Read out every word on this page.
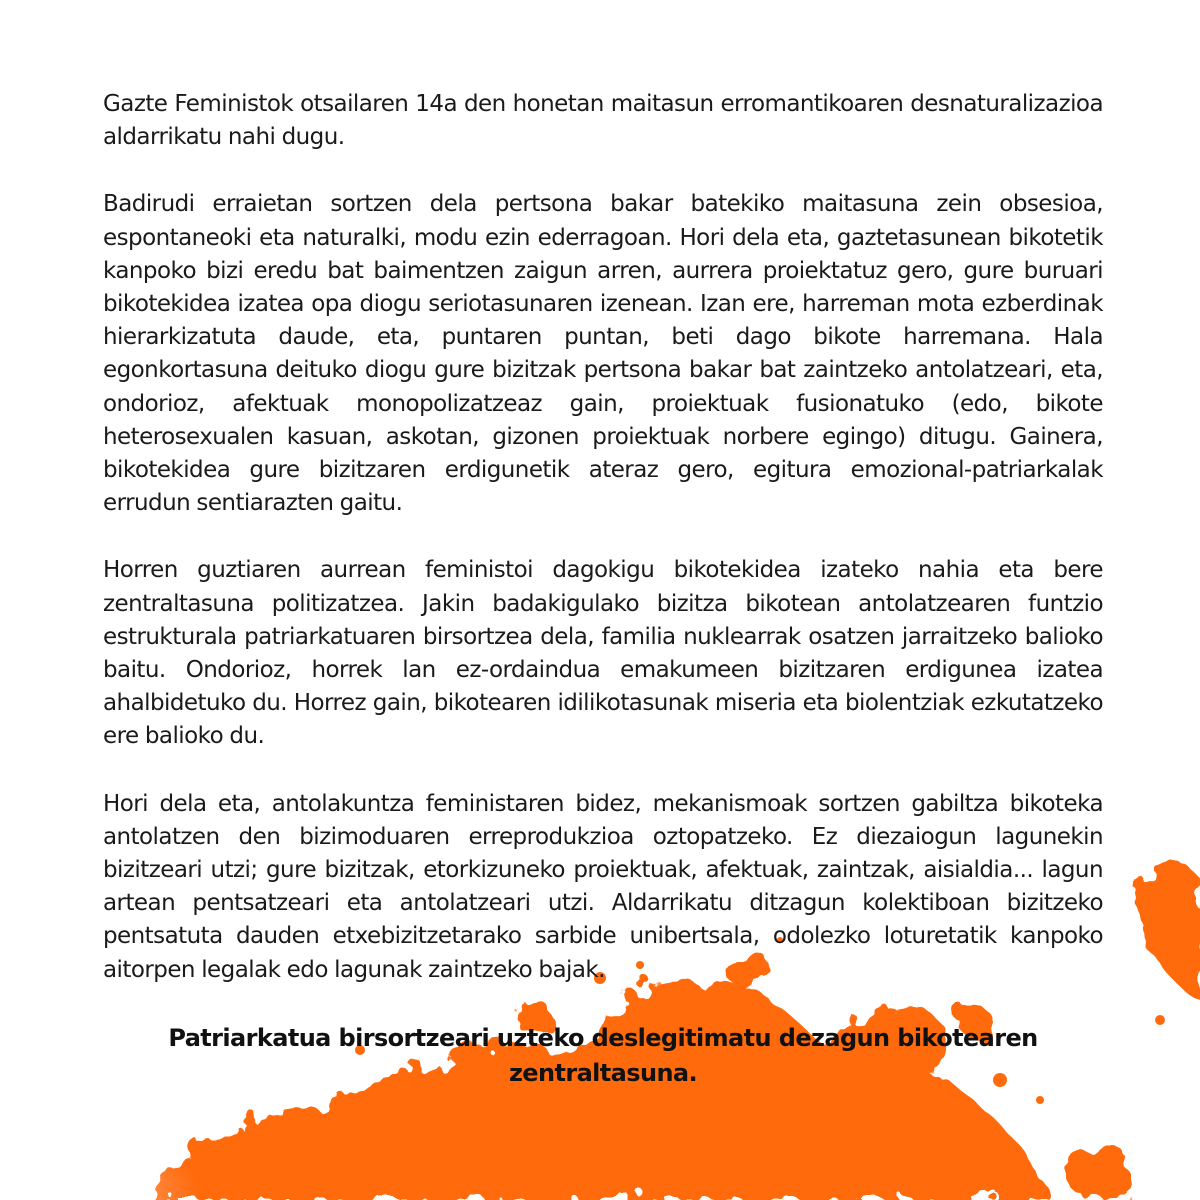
Gazte Feministok otsailaren 14a den honetan maitasun erromantikoaren desnaturalizazioa aldarrikatu nahi dugu.

Badirudi erraietan sortzen dela pertsona bakar batekiko maitasuna zein obsesioa, espontaneoki eta naturalki, modu ezin ederragoan. Hori dela eta, gaztetasunean bikotetik kanpoko bizi eredu bat baimentzen zaigun arren, aurrera proiektatuz gero, gure buruari bikotekidea izatea opa diogu seriotasunaren izenean. Izan ere, harreman mota ezberdinak hierarkizatuta daude, eta, puntaren puntan, beti dago bikote harremana. Hala egonkortasuna deituko diogu gure bizitzak pertsona bakar bat zaintzeko antolatzeari, eta, ondorioz, afektuak monopolizatzeaz gain, proiektuak fusionatuko (edo, bikote heterosexualen kasuan, askotan, gizonen proiektuak norbere egingo) ditugu. Gainera, bikotekidea gure bizitzaren erdigunetik ateraz gero, egitura emozional-patriarkalak errudun sentiarazten gaitu.

Horren guztiaren aurrean feministoi dagokigu bikotekidea izateko nahia eta bere zentraltasuna politizatzea. Jakin badakigulako bizitza bikotean antolatzearen funtzio estrukturala patriarkatuaren birsortzea dela, familia nuklearrak osatzen jarraitzeko balioko baitu. Ondorioz, horrek lan ez-ordaindua emakumeen bizitzaren erdigunea izatea ahalbidetuko du. Horrez gain, bikotearen idilikotasunak miseria eta biolentziak ezkutatzeko ere balioko du.

Hori dela eta, antolakuntza feministaren bidez, mekanismoak sortzen gabiltza bikoteka antolatzen den bizimoduaren erreprodukzioa oztopatzeko. Ez diezaiogun lagunekin bizitzeari utzi; gure bizitzak, etorkizuneko proiektuak, afektuak, zaintzak, aisialdia... lagun artean pentsatzeari eta antolatzeari utzi. Aldarrikatu ditzagun kolektiboan bizitzeko pentsatuta dauden etxebizitzetarako sarbide unibertsala, odolezko loturetatik kanpoko aitorpen legalak edo lagunak zaintzeko bajak.

Patriarkatua birsortzeari uzteko deslegitimatu dezagun bikotearen zentraltasuna.
